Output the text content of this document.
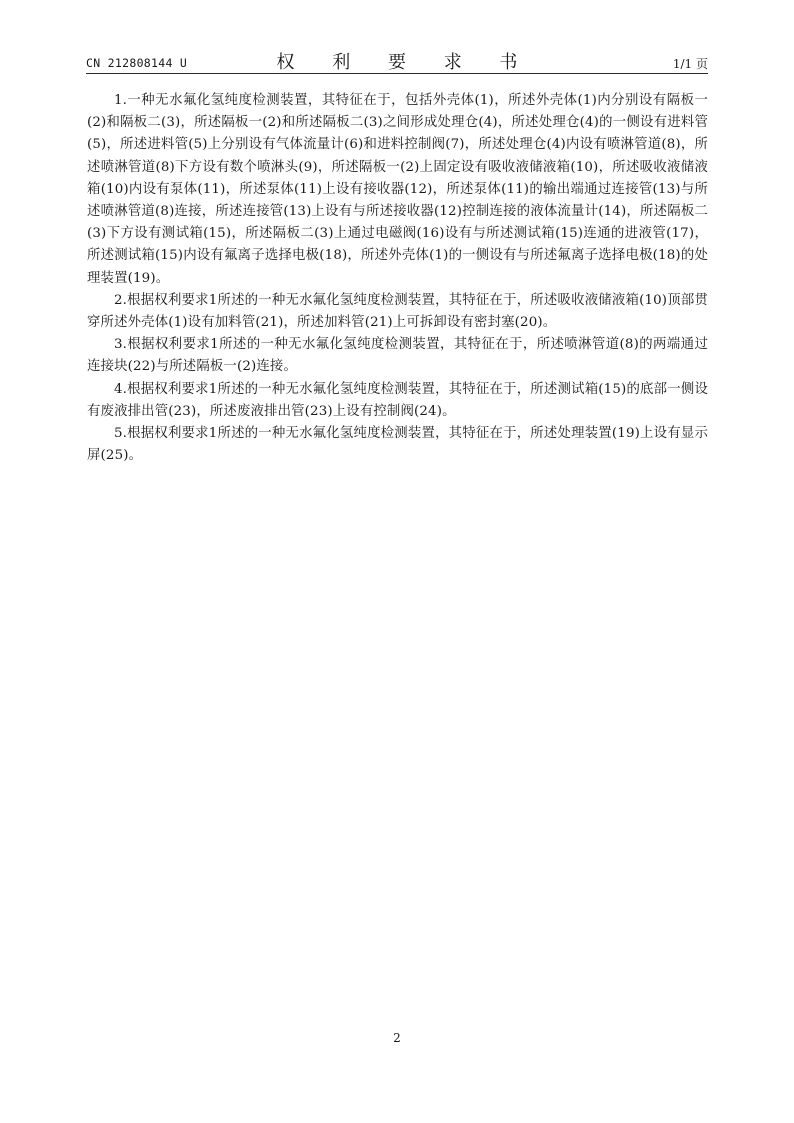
CN 212808144 U	权 利 要 求 书	1/1 页

1.一种无水氟化氢纯度检测装置，其特征在于，包括外壳体(1)，所述外壳体(1)内分别设有隔板一(2)和隔板二(3)，所述隔板一(2)和所述隔板二(3)之间形成处理仓(4)，所述处理仓(4)的一侧设有进料管(5)，所述进料管(5)上分别设有气体流量计(6)和进料控制阀(7)，所述处理仓(4)内设有喷淋管道(8)，所述喷淋管道(8)下方设有数个喷淋头(9)，所述隔板一(2)上固定设有吸收液储液箱(10)，所述吸收液储液箱(10)内设有泵体(11)，所述泵体(11)上设有接收器(12)，所述泵体(11)的输出端通过连接管(13)与所述喷淋管道(8)连接，所述连接管(13)上设有与所述接收器(12)控制连接的液体流量计(14)，所述隔板二(3)下方设有测试箱(15)，所述隔板二(3)上通过电磁阀(16)设有与所述测试箱(15)连通的进液管(17)，所述测试箱(15)内设有氟离子选择电极(18)，所述外壳体(1)的一侧设有与所述氟离子选择电极(18)的处理装置(19)。

2.根据权利要求1所述的一种无水氟化氢纯度检测装置，其特征在于，所述吸收液储液箱(10)顶部贯穿所述外壳体(1)设有加料管(21)，所述加料管(21)上可拆卸设有密封塞(20)。

3.根据权利要求1所述的一种无水氟化氢纯度检测装置，其特征在于，所述喷淋管道(8)的两端通过连接块(22)与所述隔板一(2)连接。

4.根据权利要求1所述的一种无水氟化氢纯度检测装置，其特征在于，所述测试箱(15)的底部一侧设有废液排出管(23)，所述废液排出管(23)上设有控制阀(24)。

5.根据权利要求1所述的一种无水氟化氢纯度检测装置，其特征在于，所述处理装置(19)上设有显示屏(25)。

2
